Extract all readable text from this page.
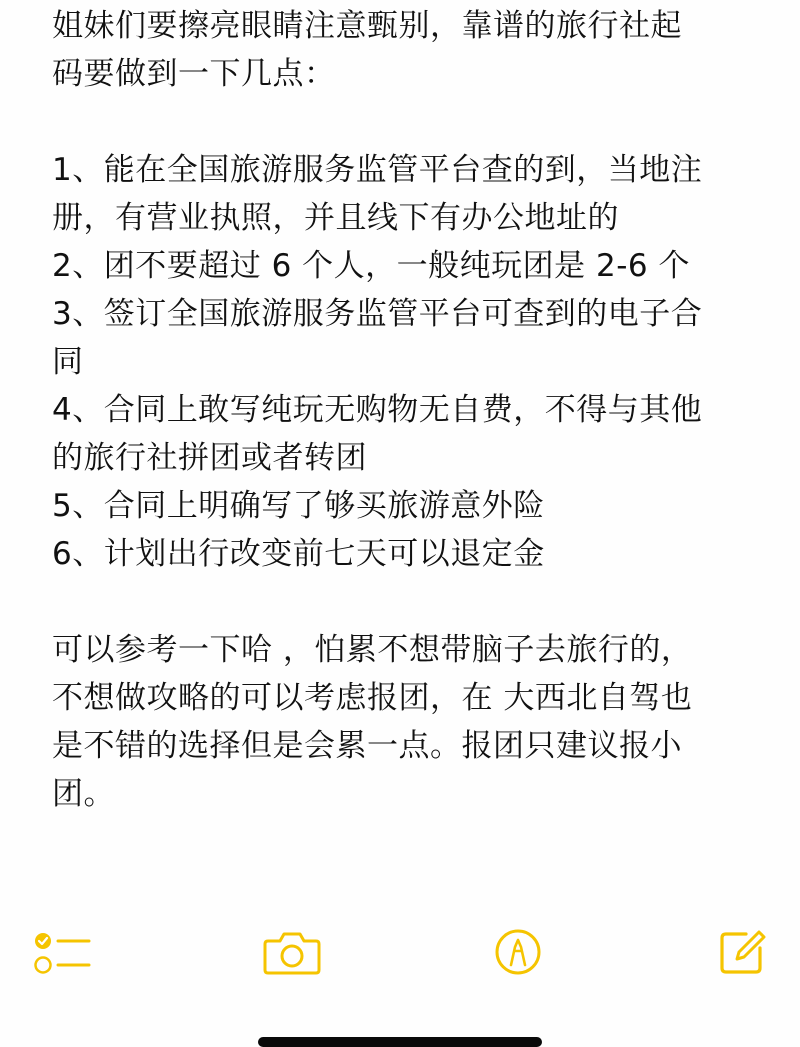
姐妹们要擦亮眼睛注意甄别，靠谱的旅行社起
码要做到一下几点：
1、能在全国旅游服务监管平台查的到，当地注
册，有营业执照，并且线下有办公地址的
2、团不要超过 6 个人，一般纯玩团是 2-6 个
3、签订全国旅游服务监管平台可查到的电子合
同
4、合同上敢写纯玩无购物无自费，不得与其他
的旅行社拼团或者转团
5、合同上明确写了够买旅游意外险
6、计划出行改变前七天可以退定金
可以参考一下哈 ，怕累不想带脑子去旅行的，
不想做攻略的可以考虑报团，在 大西北自驾也
是不错的选择但是会累一点。报团只建议报小
团。
